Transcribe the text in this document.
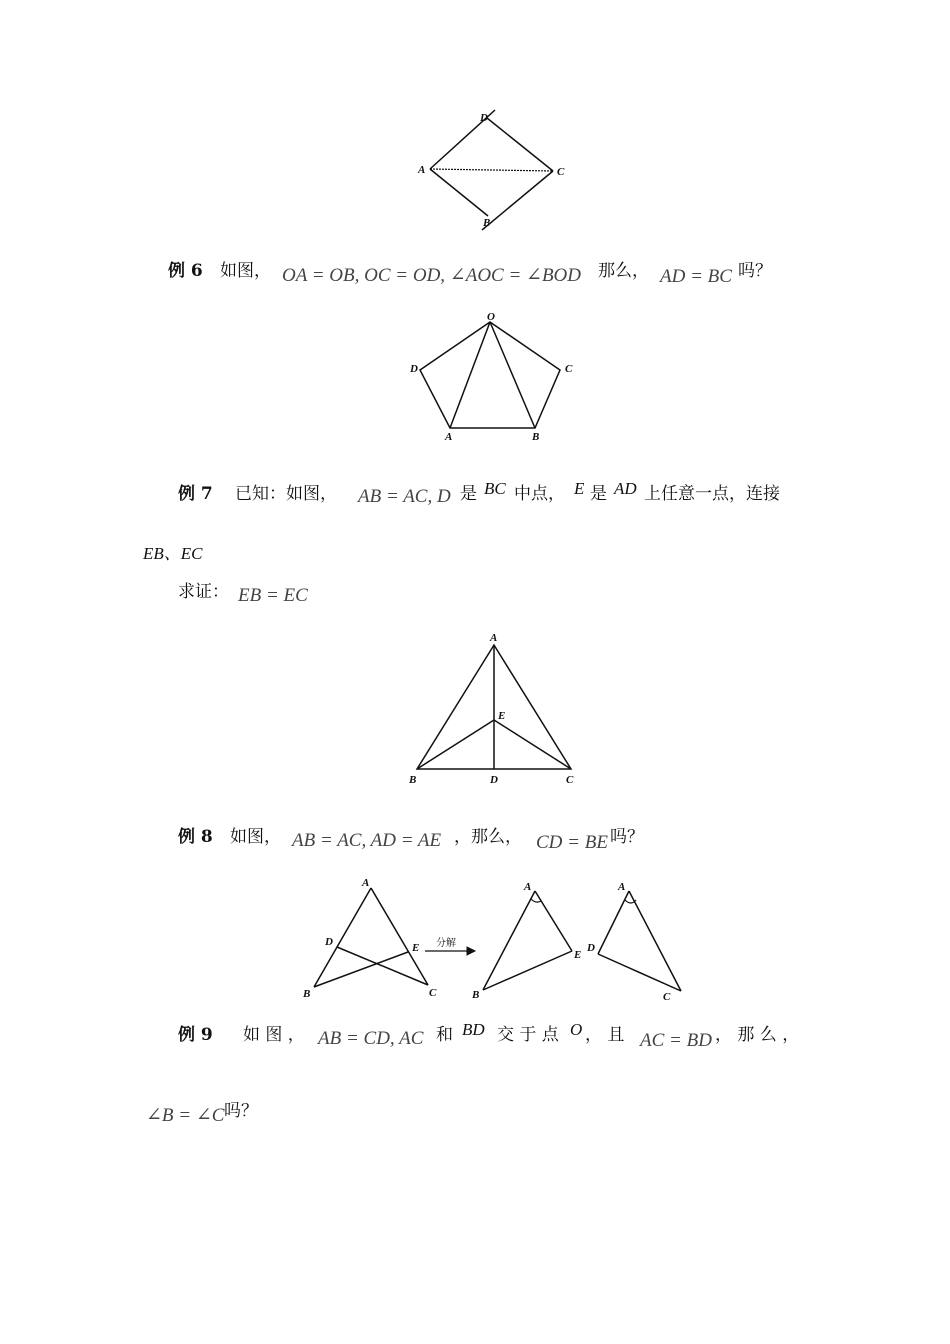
D
A	C
B
例 6 如图， OA = OB, OC = OD, ∠AOC = ∠BOD 那么， AD = BC 吗？
O
D	C
A	B
例 7 已知：如图， AB = AC, D 是 BC 中点， E 是 AD 上任意一点，连接
EB、EC
求证： EB = EC
A
E
B	D	C
例 8 如图， AB = AC, AD = AE ，那么， CD = BE 吗？
A
D	E
B	C
分解
A
E
B
A
D
C
例 9 如 图 ， AB = CD, AC 和 BD 交 于 点 O ， 且 AC = BD ， 那 么 ，
∠B = ∠C 吗？
